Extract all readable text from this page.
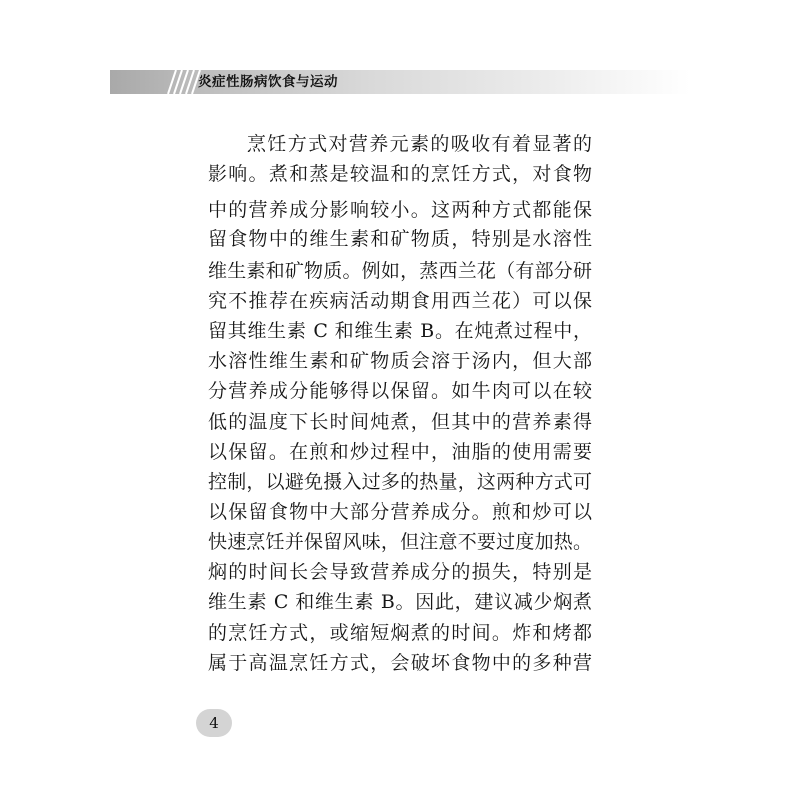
炎症性肠病饮食与运动
烹饪方式对营养元素的吸收有着显著的
影响。煮和蒸是较温和的烹饪方式，对食物
中的营养成分影响较小。这两种方式都能保
留食物中的维生素和矿物质，特别是水溶性
维生素和矿物质。例如，蒸西兰花（有部分研
究不推荐在疾病活动期食用西兰花）可以保
留其维生素 C 和维生素 B。在炖煮过程中，
水溶性维生素和矿物质会溶于汤内，但大部
分营养成分能够得以保留。如牛肉可以在较
低的温度下长时间炖煮，但其中的营养素得
以保留。在煎和炒过程中，油脂的使用需要
控制，以避免摄入过多的热量，这两种方式可
以保留食物中大部分营养成分。煎和炒可以
快速烹饪并保留风味，但注意不要过度加热。
焖的时间长会导致营养成分的损失，特别是
维生素 C 和维生素 B。因此，建议减少焖煮
的烹饪方式，或缩短焖煮的时间。炸和烤都
属于高温烹饪方式，会破坏食物中的多种营
4
